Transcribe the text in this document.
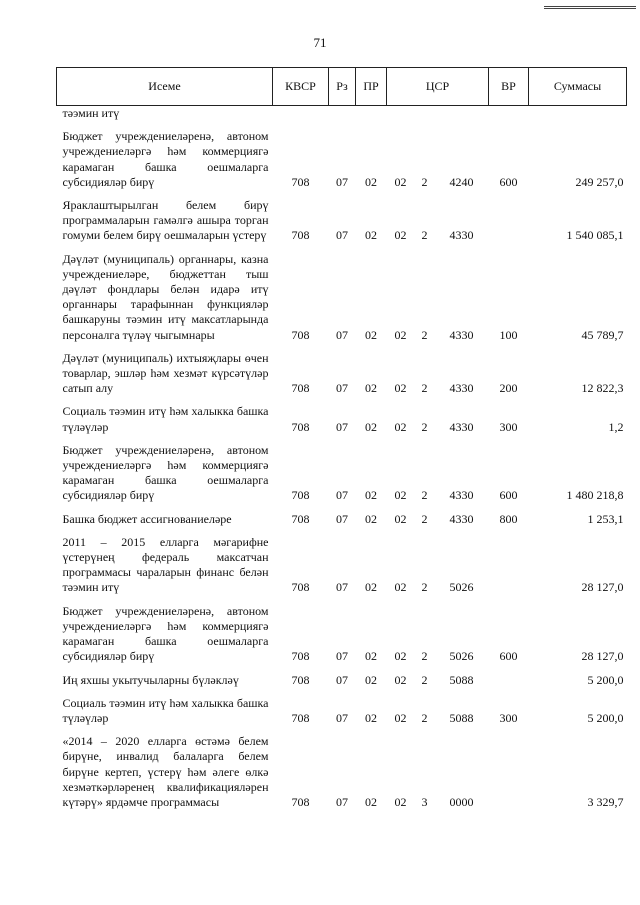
71
Исеме	КВСР	Рз	ПР	ЦСР			ВР	Суммасы
тәэмин итү								

Бюджет учреждениеләренә, автоном учреждениеләргә һәм коммерциягә карамаган башка оешмаларга субсидияләр бирү	708	07	02	02	2	4240	600	249 257,0

Яраклаштырылган белем бирү программаларын гамәлгә ашыра торган гомуми белем бирү оешмаларын үстерү	708	07	02	02	2	4330		1 540 085,1

Дәүләт (муниципаль) органнары, казна учреждениеләре, бюджеттан тыш дәүләт фондлары белән идарә итү органнары тарафыннан функцияләр башкаруны тәэмин итү максатларында персоналга түләү чыгымнары	708	07	02	02	2	4330	100	45 789,7

Дәүләт (муниципаль) ихтыяҗлары өчен товарлар, эшләр һәм хезмәт күрсәтүләр сатып алу	708	07	02	02	2	4330	200	12 822,3

Социаль тәэмин итү һәм халыкка башка түләүләр	708	07	02	02	2	4330	300	1,2

Бюджет учреждениеләренә, автоном учреждениеләргә һәм коммерциягә карамаган башка оешмаларга субсидияләр бирү	708	07	02	02	2	4330	600	1 480 218,8

Башка бюджет ассигнованиеләре	708	07	02	02	2	4330	800	1 253,1

2011 – 2015 елларга мәгарифне үстерүнең федераль максатчан программасы чараларын финанс белән тәэмин итү	708	07	02	02	2	5026		28 127,0

Бюджет учреждениеләренә, автоном учреждениеләргә һәм коммерциягә карамаган башка оешмаларга субсидияләр бирү	708	07	02	02	2	5026	600	28 127,0

Иң яхшы укытучыларны бүләкләү	708	07	02	02	2	5088		5 200,0

Социаль тәэмин итү һәм халыкка башка түләүләр	708	07	02	02	2	5088	300	5 200,0

«2014 – 2020 елларга өстәмә белем бирүне, инвалид балаларга белем бирүне кертеп, үстерү һәм әлеге өлкә хезмәткәрләренең квалификацияләрен күтәрү» ярдәмче программасы	708	07	02	02	3	0000		3 329,7
